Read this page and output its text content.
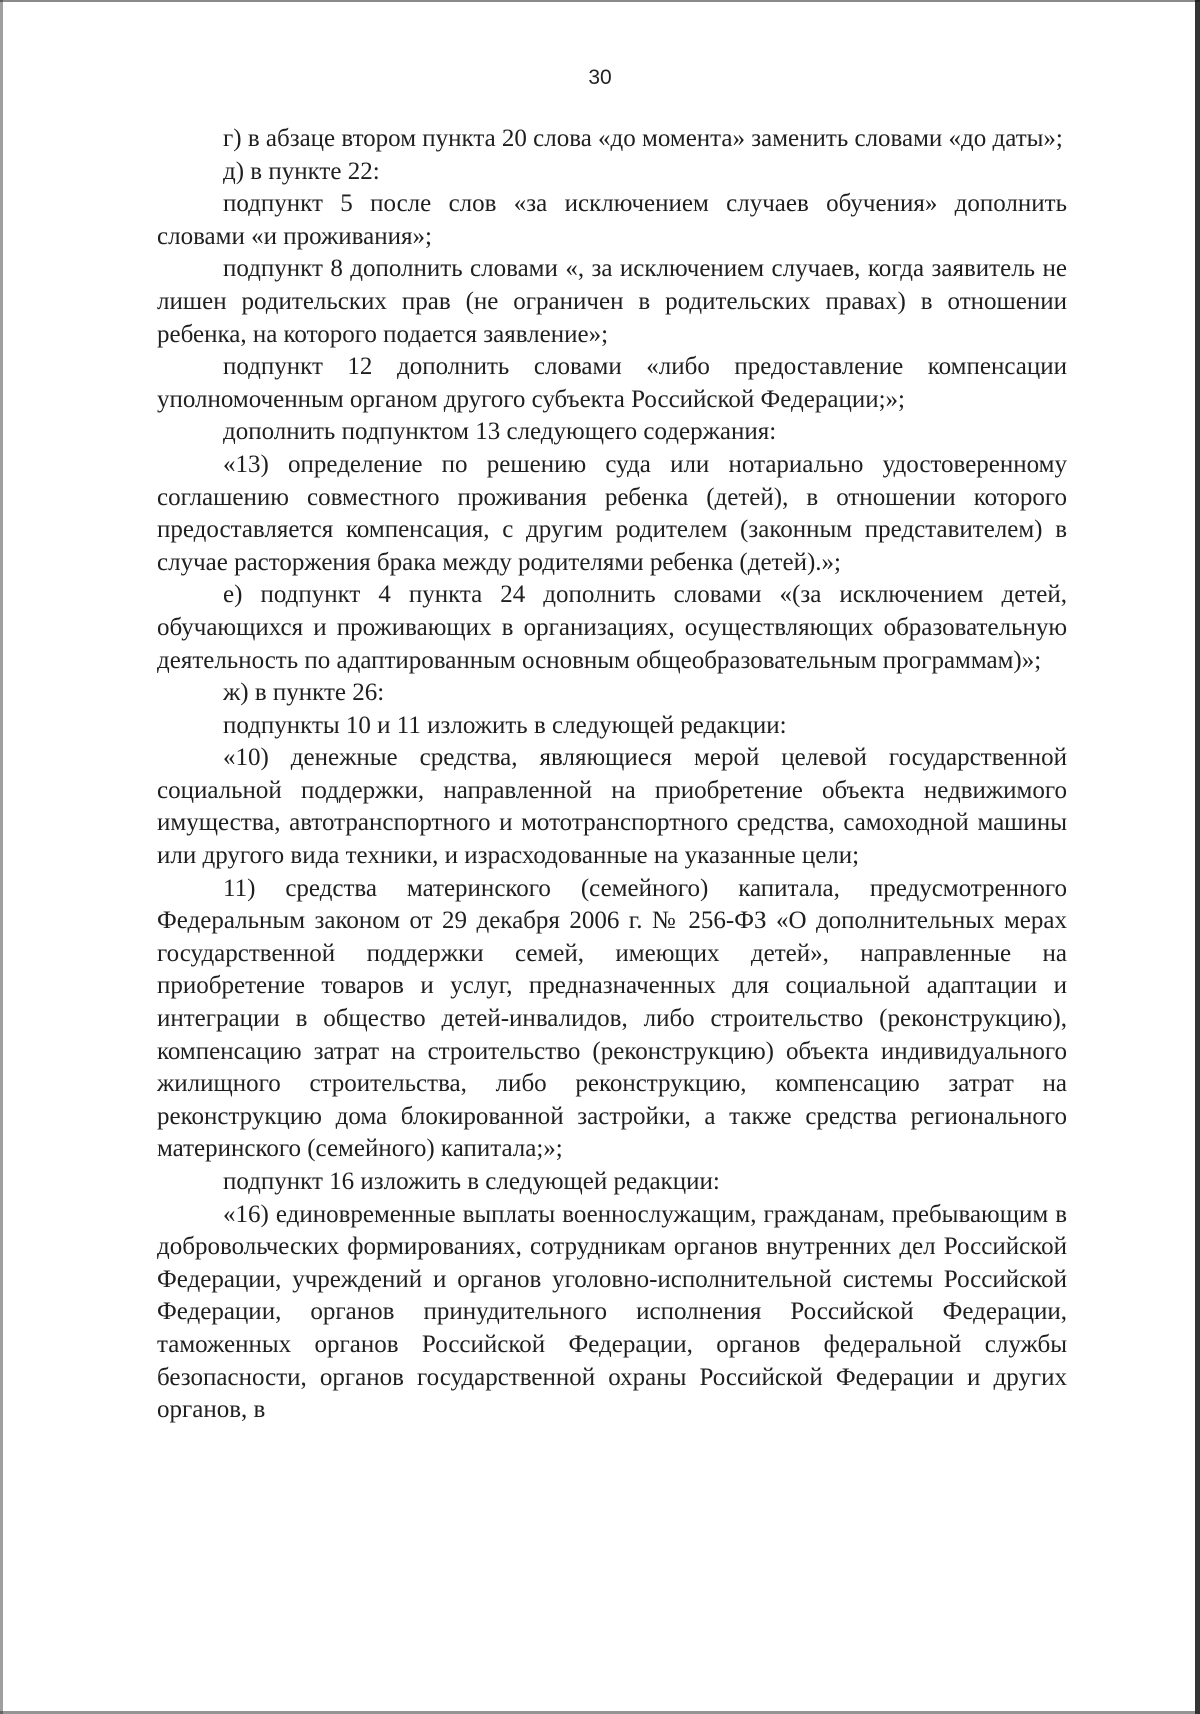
30

г) в абзаце втором пункта 20 слова «до момента» заменить словами «до даты»;

д) в пункте 22:

подпункт 5 после слов «за исключением случаев обучения» дополнить словами «и проживания»;

подпункт 8 дополнить словами «, за исключением случаев, когда заявитель не лишен родительских прав (не ограничен в родительских правах) в отношении ребенка, на которого подается заявление»;

подпункт 12 дополнить словами «либо предоставление компенсации уполномоченным органом другого субъекта Российской Федерации;»;

дополнить подпунктом 13 следующего содержания:

«13) определение по решению суда или нотариально удостоверенному соглашению совместного проживания ребенка (детей), в отношении которого предоставляется компенсация, с другим родителем (законным представителем) в случае расторжения брака между родителями ребенка (детей).»;

е) подпункт 4 пункта 24 дополнить словами «(за исключением детей, обучающихся и проживающих в организациях, осуществляющих образовательную деятельность по адаптированным основным общеобразовательным программам)»;

ж) в пункте 26:

подпункты 10 и 11 изложить в следующей редакции:

«10) денежные средства, являющиеся мерой целевой государственной социальной поддержки, направленной на приобретение объекта недвижимого имущества, автотранспортного и мототранспортного средства, самоходной машины или другого вида техники, и израсходованные на указанные цели;

11) средства материнского (семейного) капитала, предусмотренного Федеральным законом от 29 декабря 2006 г. № 256-ФЗ «О дополнительных мерах государственной поддержки семей, имеющих детей», направленные на приобретение товаров и услуг, предназначенных для социальной адаптации и интеграции в общество детей-инвалидов, либо строительство (реконструкцию), компенсацию затрат на строительство (реконструкцию) объекта индивидуального жилищного строительства, либо реконструкцию, компенсацию затрат на реконструкцию дома блокированной застройки, а также средства регионального материнского (семейного) капитала;»;

подпункт 16 изложить в следующей редакции:

«16) единовременные выплаты военнослужащим, гражданам, пребывающим в добровольческих формированиях, сотрудникам органов внутренних дел Российской Федерации, учреждений и органов уголовно-исполнительной системы Российской Федерации, органов принудительного исполнения Российской Федерации, таможенных органов Российской Федерации, органов федеральной службы безопасности, органов государственной охраны Российской Федерации и других органов, в
